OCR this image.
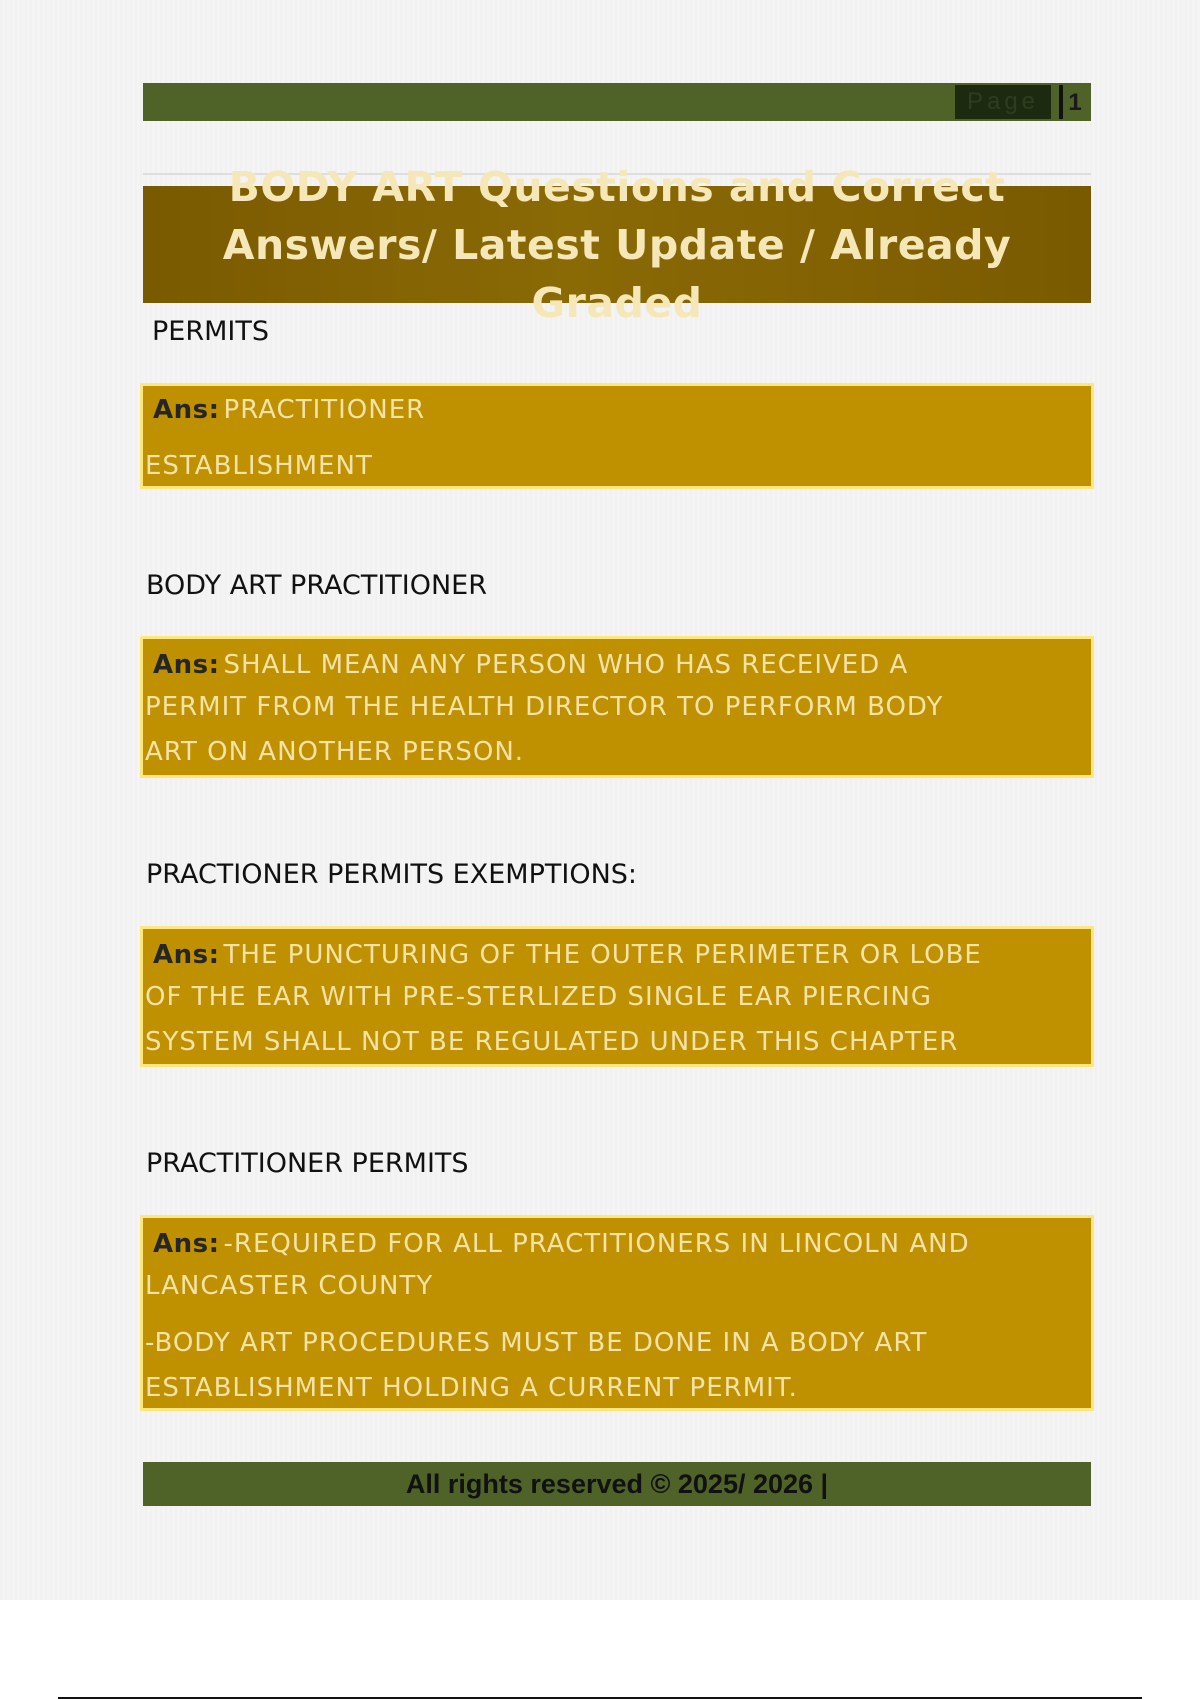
Page	1

BODY ART Questions and Correct
Answers/ Latest Update / Already Graded

PERMITS

Ans: PRACTITIONER

ESTABLISHMENT

BODY ART PRACTITIONER

Ans: SHALL MEAN ANY PERSON WHO HAS RECEIVED A

PERMIT FROM THE HEALTH DIRECTOR TO PERFORM BODY

ART ON ANOTHER PERSON.

PRACTIONER PERMITS EXEMPTIONS:

Ans: THE PUNCTURING OF THE OUTER PERIMETER OR LOBE

OF THE EAR WITH PRE-STERLIZED SINGLE EAR PIERCING

SYSTEM SHALL NOT BE REGULATED UNDER THIS CHAPTER

PRACTITIONER PERMITS

Ans: -REQUIRED FOR ALL PRACTITIONERS IN LINCOLN AND

LANCASTER COUNTY

-BODY ART PROCEDURES MUST BE DONE IN A BODY ART

ESTABLISHMENT HOLDING A CURRENT PERMIT.

All rights reserved © 2025/ 2026 |
